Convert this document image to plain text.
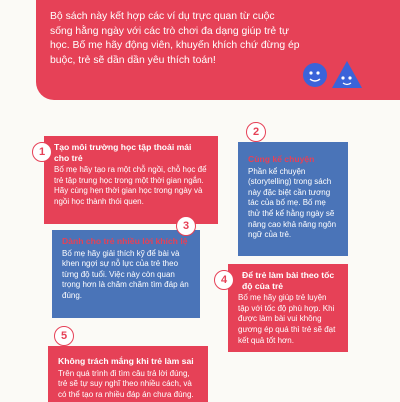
Bộ sách này kết hợp các ví dụ trực quan từ cuộc sống hằng ngày với các trò chơi đa dạng giúp trẻ tự học. Bố mẹ hãy động viên, khuyến khích chứ đừng ép buộc, trẻ sẽ dần dần yêu thích toán!
Tạo môi trường học tập thoải mái cho trẻ
Bố mẹ hãy tạo ra một chỗ ngồi, chỗ học để trẻ tập trung học trong một thời gian ngắn. Hãy cùng hẹn thời gian học trong ngày và ngồi học thành thói quen.
1
Cùng kể chuyện
Phần kể chuyện (storytelling) trong sách này đặc biệt cần tương tác của bố mẹ. Bố mẹ thử thể kể hằng ngày sẽ nâng cao khả năng ngôn ngữ của trẻ.
2
Dành cho trẻ nhiều lời khích lệ
Bố mẹ hãy giải thích kỹ để bài và khen ngợi sự nỗ lực của trẻ theo từng độ tuổi. Việc này còn quan trọng hơn là chăm chăm tìm đáp án đúng.
3
Để trẻ làm bài theo tốc độ của trẻ
Bố mẹ hãy giúp trẻ luyện tập với tốc độ phù hợp. Khi được làm bài vui không gương ép quá thì trẻ sẽ đạt kết quả tốt hơn.
4
Không trách mắng khi trẻ làm sai
Trên quá trình đi tìm câu trả lời đúng, trẻ sẽ tự suy nghĩ theo nhiều cách, và có thể tạo ra nhiều đáp án chưa đúng.
5
